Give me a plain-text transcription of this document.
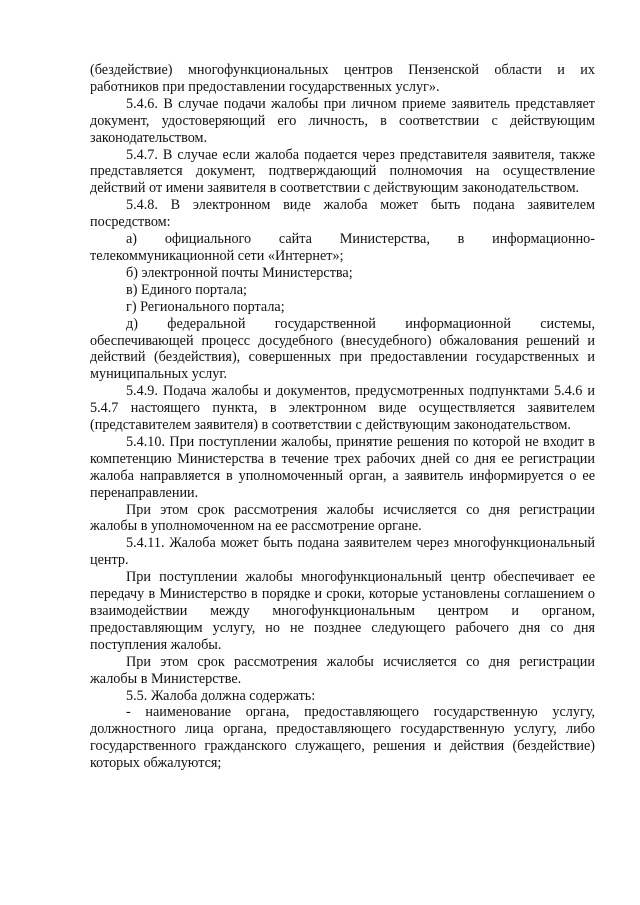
(бездействие) многофункциональных центров Пензенской области и их работников при предоставлении государственных услуг».

5.4.6. В случае подачи жалобы при личном приеме заявитель представляет документ, удостоверяющий его личность, в соответствии с действующим законодательством.

5.4.7. В случае если жалоба подается через представителя заявителя, также представляется документ, подтверждающий полномочия на осуществление действий от имени заявителя в соответствии с действующим законодательством.

5.4.8. В электронном виде жалоба может быть подана заявителем посредством:

а) официального сайта Министерства, в информационно-телекоммуникационной сети «Интернет»;

б) электронной почты Министерства;

в) Единого портала;

г) Регионального портала;

д) федеральной государственной информационной системы, обеспечивающей процесс досудебного (внесудебного) обжалования решений и действий (бездействия), совершенных при предоставлении государственных и муниципальных услуг.

5.4.9. Подача жалобы и документов, предусмотренных подпунктами 5.4.6 и 5.4.7 настоящего пункта, в электронном виде осуществляется заявителем (представителем заявителя) в соответствии с действующим законодательством.

5.4.10. При поступлении жалобы, принятие решения по которой не входит в компетенцию Министерства в течение трех рабочих дней со дня ее регистрации жалоба направляется в уполномоченный орган, а заявитель информируется о ее перенаправлении.

При этом срок рассмотрения жалобы исчисляется со дня регистрации жалобы в уполномоченном на ее рассмотрение органе.

5.4.11. Жалоба может быть подана заявителем через многофункциональный центр.

При поступлении жалобы многофункциональный центр обеспечивает ее передачу в Министерство в порядке и сроки, которые установлены соглашением о взаимодействии между многофункциональным центром и органом, предоставляющим услугу, но не позднее следующего рабочего дня со дня поступления жалобы.

При этом срок рассмотрения жалобы исчисляется со дня регистрации жалобы в Министерстве.

5.5. Жалоба должна содержать:

- наименование органа, предоставляющего государственную услугу, должностного лица органа, предоставляющего государственную услугу, либо государственного гражданского служащего, решения и действия (бездействие) которых обжалуются;
